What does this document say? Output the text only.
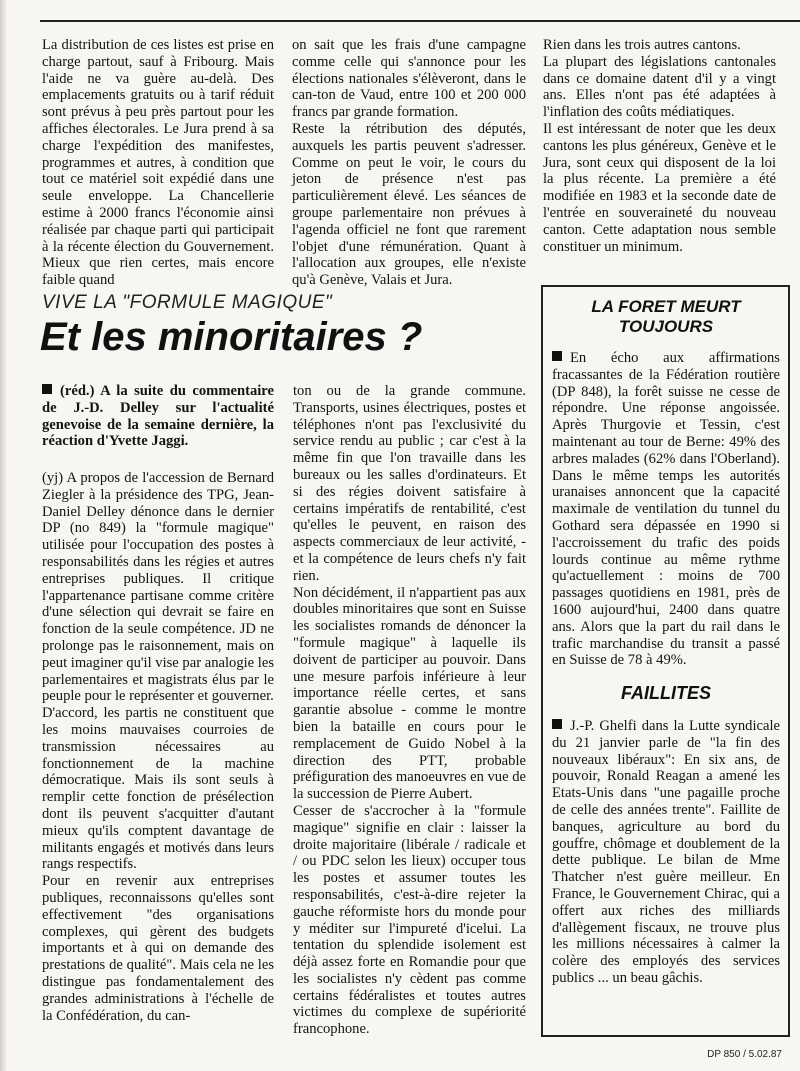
La distribution de ces listes est prise en charge partout, sauf à Fribourg. Mais l'aide ne va guère au-delà. Des emplacements gratuits ou à tarif réduit sont prévus à peu près partout pour les affiches électorales. Le Jura prend à sa charge l'expédition des manifestes, programmes et autres, à condition que tout ce matériel soit expédié dans une seule enveloppe. La Chancellerie estime à 2000 francs l'économie ainsi réalisée par chaque parti qui participait à la récente élection du Gouvernement. Mieux que rien certes, mais encore faible quand

on sait que les frais d'une campagne comme celle qui s'annonce pour les élections nationales s'élèveront, dans le can-ton de Vaud, entre 100 et 200 000 francs par grande formation.
Reste la rétribution des députés, auxquels les partis peuvent s'adresser. Comme on peut le voir, le cours du jeton de présence n'est pas particulièrement élevé. Les séances de groupe parlementaire non prévues à l'agenda officiel ne font que rarement l'objet d'une rémunération. Quant à l'allocation aux groupes, elle n'existe qu'à Genève, Valais et Jura.
Rien dans les trois autres cantons.
La plupart des législations cantonales dans ce domaine datent d'il y a vingt ans. Elles n'ont pas été adaptées à l'inflation des coûts médiatiques.
Il est intéressant de noter que les deux cantons les plus généreux, Genève et le Jura, sont ceux qui disposent de la loi la plus récente. La première a été modifiée en 1983 et la seconde date de l'entrée en souveraineté du nouveau canton. Cette adaptation nous semble constituer un minimum.
VIVE LA "FORMULE MAGIQUE"
Et les minoritaires ?
(réd.) A la suite du commentaire de J.-D. Delley sur l'actualité genevoise de la semaine dernière, la réaction d'Yvette Jaggi.
(yj) A propos de l'accession de Bernard Ziegler à la présidence des TPG, Jean-Daniel Delley dénonce dans le dernier DP (no 849) la "formule magique" utilisée pour l'occupation des postes à responsabilités dans les régies et autres entreprises publiques. Il critique l'appartenance partisane comme critère d'une sélection qui devrait se faire en fonction de la seule compétence. JD ne prolonge pas le raisonnement, mais on peut imaginer qu'il vise par analogie les parlementaires et magistrats élus par le peuple pour le représenter et gouverner.
D'accord, les partis ne constituent que les moins mauvaises courroies de transmission nécessaires au fonctionnement de la machine démocratique. Mais ils sont seuls à remplir cette fonction de présélection dont ils peuvent s'acquitter d'autant mieux qu'ils comptent davantage de militants engagés et motivés dans leurs rangs respectifs.
Pour en revenir aux entreprises publiques, reconnaissons qu'elles sont effectivement "des organisations complexes, qui gèrent des budgets importants et à qui on demande des prestations de qualité". Mais cela ne les distingue pas fondamentalement des grandes administrations à l'échelle de la Confédération, du can-
ton ou de la grande commune. Transports, usines électriques, postes et téléphones n'ont pas l'exclusivité du service rendu au public ; car c'est à la même fin que l'on travaille dans les bureaux ou les salles d'ordinateurs. Et si des régies doivent satisfaire à certains impératifs de rentabilité, c'est qu'elles le peuvent, en raison des aspects commerciaux de leur activité, - et la compétence de leurs chefs n'y fait rien.
Non décidément, il n'appartient pas aux doubles minoritaires que sont en Suisse les socialistes romands de dénoncer la "formule magique" à laquelle ils doivent de participer au pouvoir. Dans une mesure parfois inférieure à leur importance réelle certes, et sans garantie absolue - comme le montre bien la bataille en cours pour le remplacement de Guido Nobel à la direction des PTT, probable préfiguration des manoeuvres en vue de la succession de Pierre Aubert.
Cesser de s'accrocher à la "formule magique" signifie en clair : laisser la droite majoritaire (libérale / radicale et / ou PDC selon les lieux) occuper tous les postes et assumer toutes les responsabilités, c'est-à-dire rejeter la gauche réformiste hors du monde pour y méditer sur l'impureté d'icelui. La tentation du splendide isolement est déjà assez forte en Romandie pour que les socialistes n'y cèdent pas comme certains fédéralistes et toutes autres victimes du complexe de supériorité francophone.
LA FORET MEURT TOUJOURS
En écho aux affirmations fracassantes de la Fédération routière (DP 848), la forêt suisse ne cesse de répondre. Une réponse angoissée. Après Thurgovie et Tessin, c'est maintenant au tour de Berne: 49% des arbres malades (62% dans l'Oberland). Dans le même temps les autorités uranaises annoncent que la capacité maximale de ventilation du tunnel du Gothard sera dépassée en 1990 si l'accroissement du trafic des poids lourds continue au même rythme qu'actuellement : moins de 700 passages quotidiens en 1981, près de 1600 aujourd'hui, 2400 dans quatre ans. Alors que la part du rail dans le trafic marchandise du transit a passé en Suisse de 78 à 49%.
FAILLITES
J.-P. Ghelfi dans la Lutte syndicale du 21 janvier parle de "la fin des nouveaux libéraux": En six ans, de pouvoir, Ronald Reagan a amené les Etats-Unis dans "une pagaille proche de celle des années trente". Faillite de banques, agriculture au bord du gouffre, chômage et doublement de la dette publique. Le bilan de Mme Thatcher n'est guère meilleur. En France, le Gouvernement Chirac, qui a offert aux riches des milliards d'allègement fiscaux, ne trouve plus les millions nécessaires à calmer la colère des employés des services publics ... un beau gâchis.
DP 850 / 5.02.87
